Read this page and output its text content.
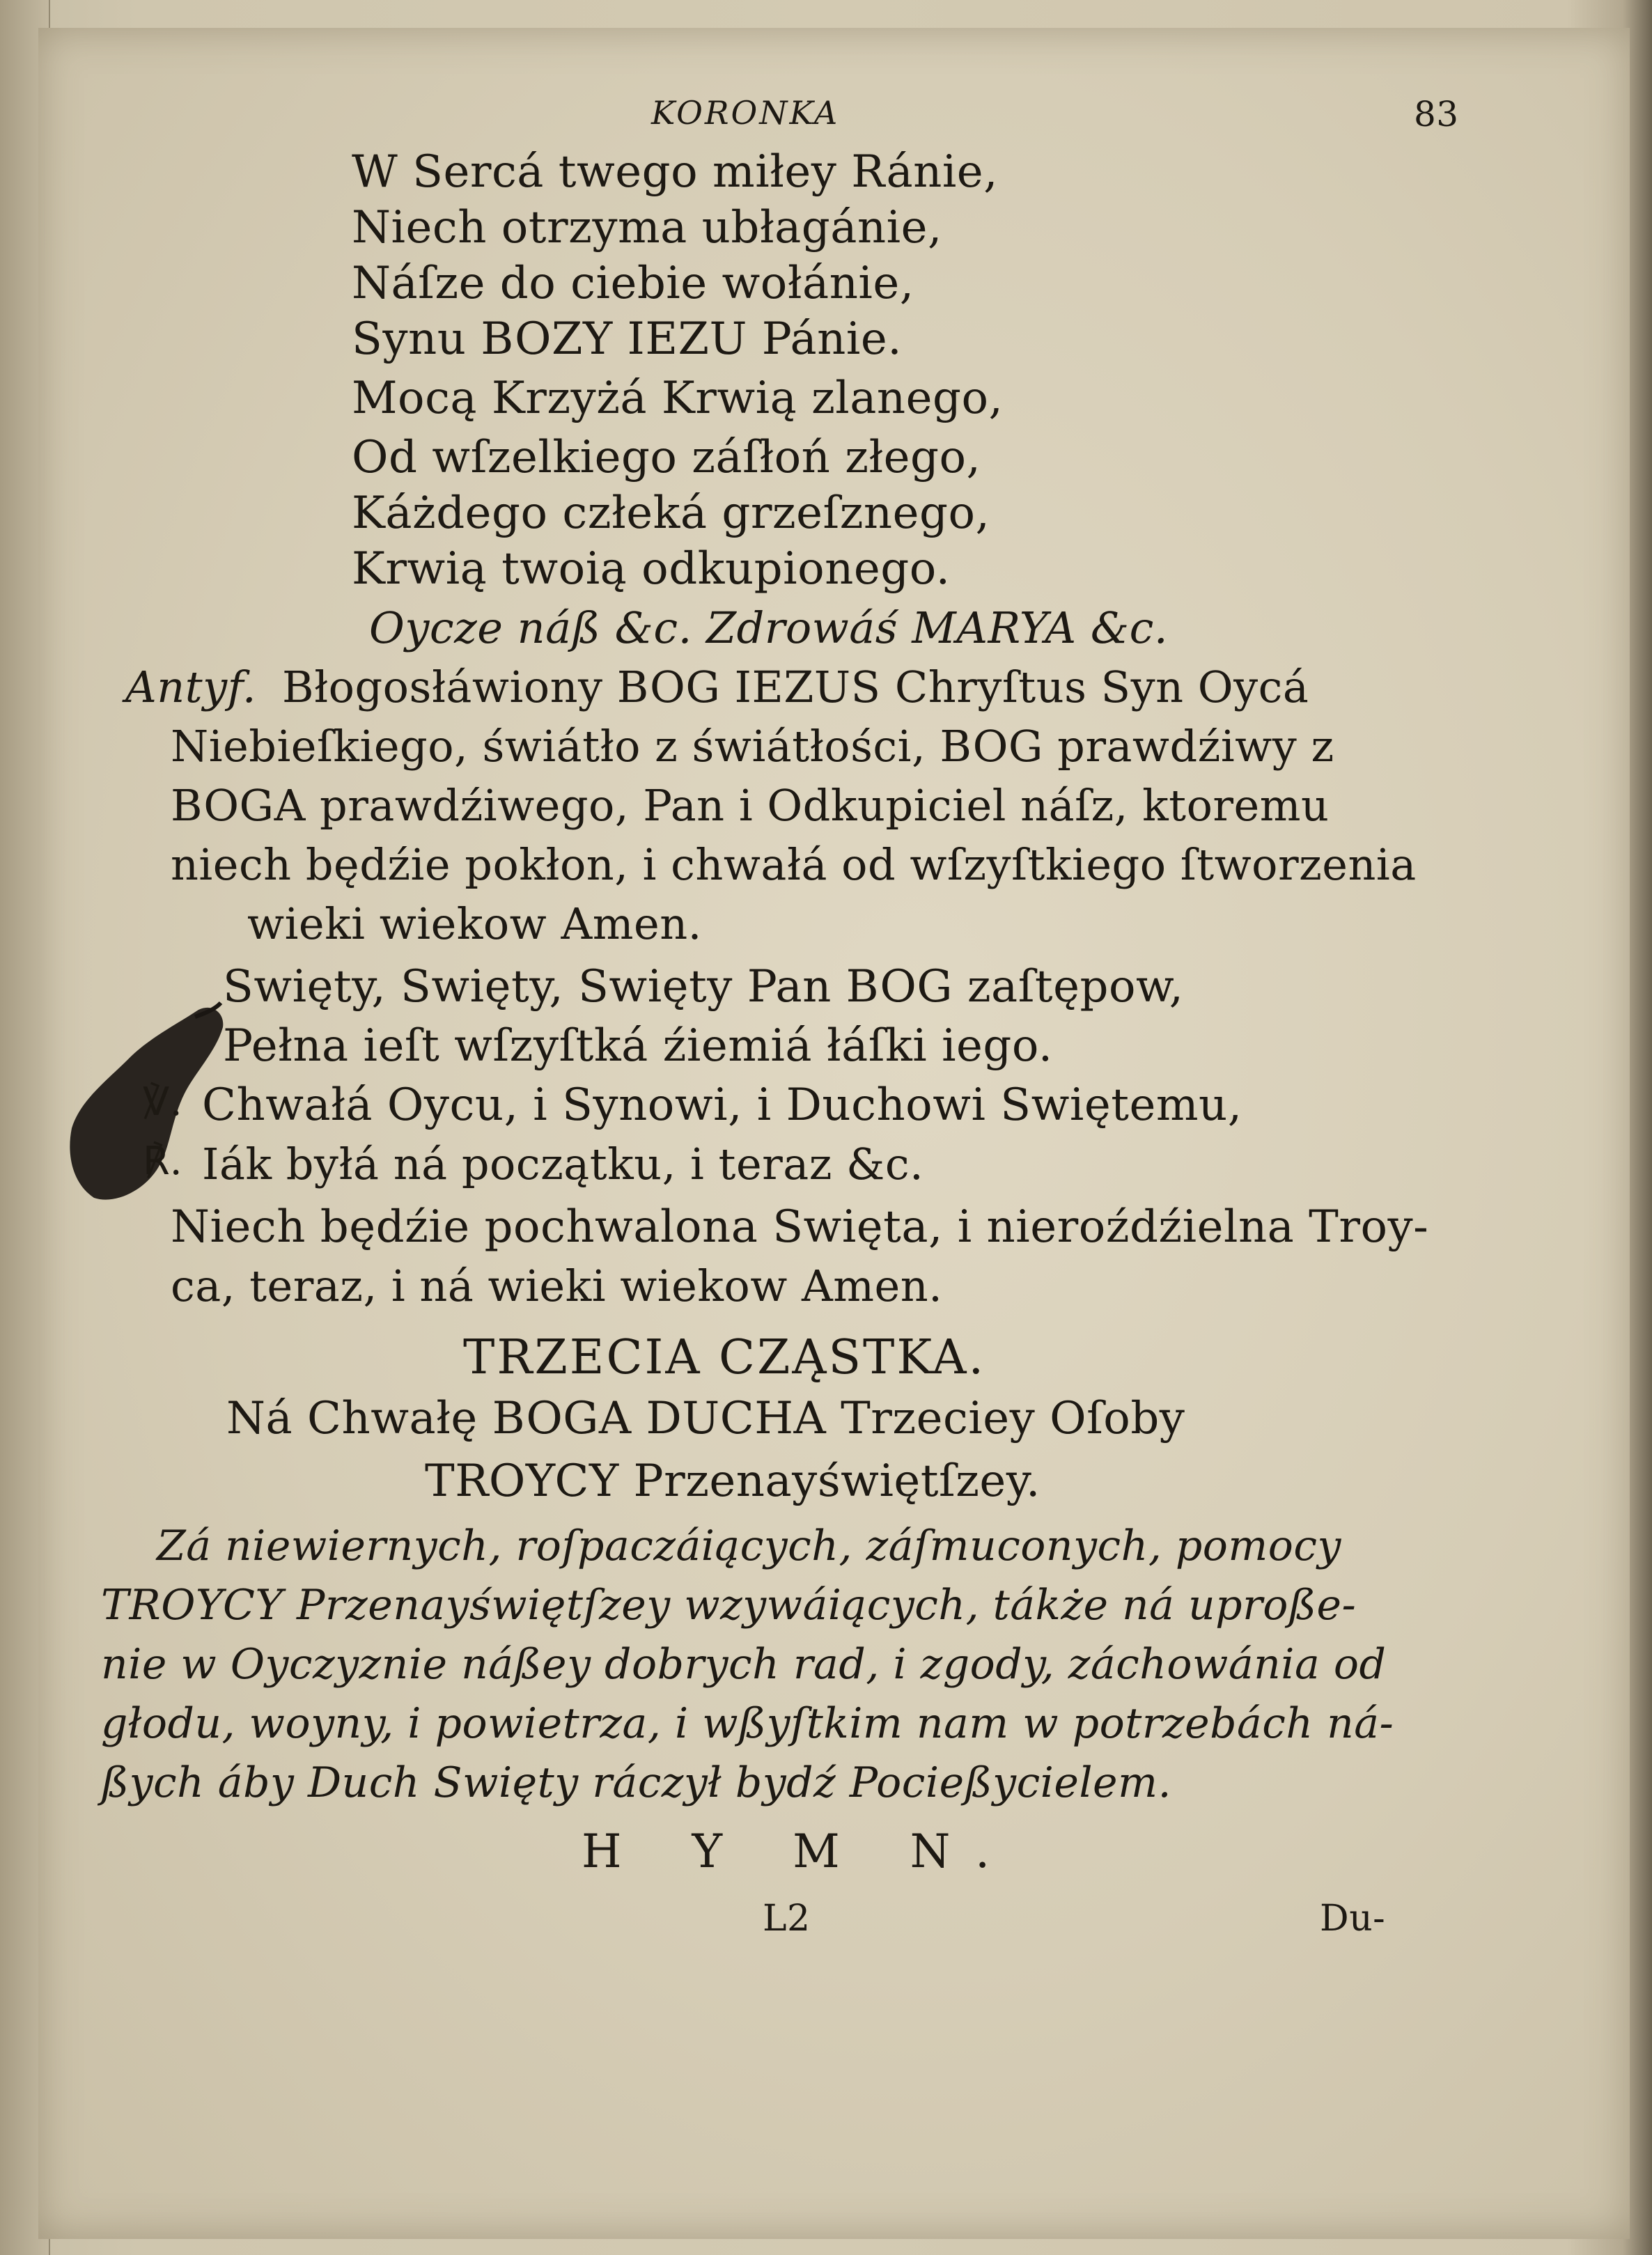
KORONKA	83

W Sercá twego miłey Ránie,

Niech otrzyma ubłagánie,

Náſze do ciebie wołánie,

Synu BOZY IEZU Pánie.

Mocą Krzyżá Krwią zlanego,

Od wſzelkiego záſłoń złego,

Káżdego człeká grzeſznego,

Krwią twoią odkupionego.

Oycze náß &c. Zdrowáś MARYA &c.

Antyf. Błogosłáwiony BOG IEZUS Chryſtus Syn Oycá

Niebieſkiego, świátło z świátłości, BOG prawdźiwy z

BOGA prawdźiwego, Pan i Odkupiciel náſz, ktoremu

niech będźie pokłon, i chwałá od wſzyſtkiego ſtworzenia

wieki wiekow Amen.

Swięty, Swięty, Swięty Pan BOG zaſtępow,

Pełna ieſt wſzyſtká źiemiá łáſki iego.

℣. Chwałá Oycu, i Synowi, i Duchowi Swiętemu,

℟. Iák byłá ná początku, i teraz &c.

Niech będźie pochwalona Swięta, i nieroźdźielna Troy-

ca, teraz, i ná wieki wiekow Amen.

TRZECIA CZĄSTKA.

Ná Chwałę BOGA DUCHA Trzeciey Oſoby

TROYCY Przenayświętſzey.

Zá niewiernych, roſpaczáiących, záſmuconych, pomocy

TROYCY Przenayświętſzey wzywáiących, tákże ná uproße-

nie w Oyczyznie náßey dobrych rad, i zgody, záchowánia od

głodu, woyny, i powietrza, i wßyſtkim nam w potrzebách ná-

ßych áby Duch Swięty ráczył bydź Pocießycielem.

H Y M N.

L2	Du-
